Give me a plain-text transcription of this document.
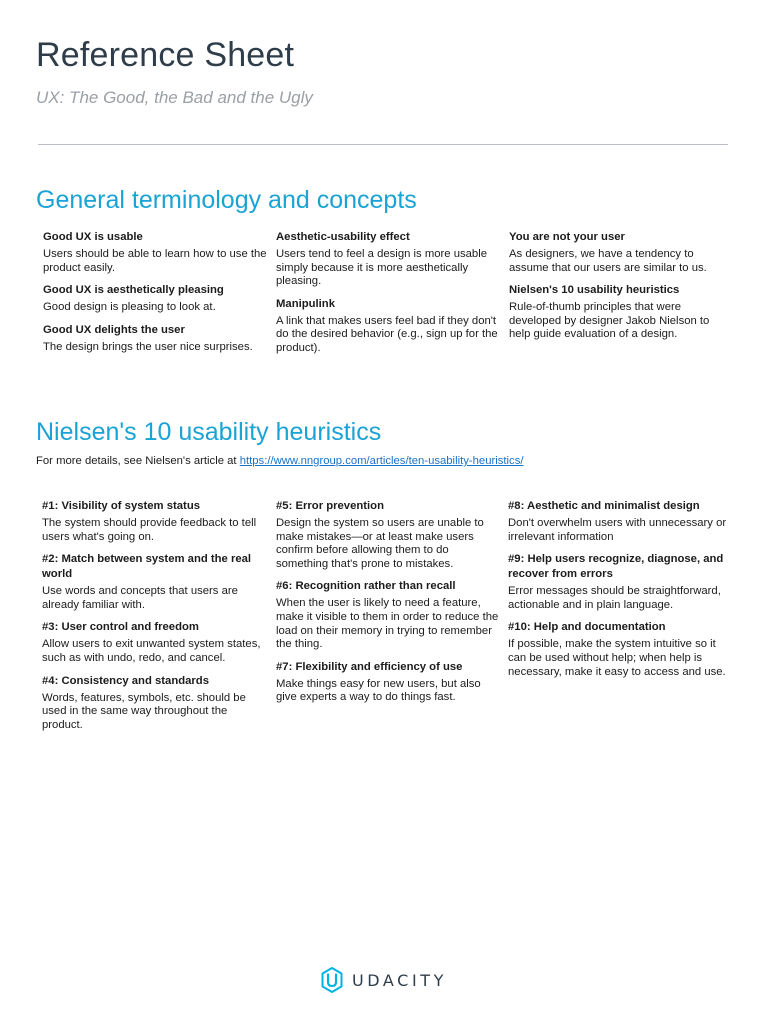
Reference Sheet

UX: The Good, the Bad and the Ugly

General terminology and concepts
Good UX is usable
Users should be able to learn how to use the product easily.
Good UX is aesthetically pleasing
Good design is pleasing to look at.
Good UX delights the user
The design brings the user nice surprises.
Aesthetic-usability effect
Users tend to feel a design is more usable simply because it is more aesthetically pleasing.
Manipulink
A link that makes users feel bad if they don't do the desired behavior (e.g., sign up for the product).
You are not your user
As designers, we have a tendency to assume that our users are similar to us.
Nielsen's 10 usability heuristics
Rule-of-thumb principles that were developed by designer Jakob Nielson to help guide evaluation of a design.
Nielsen's 10 usability heuristics

For more details, see Nielsen's article at https://www.nngroup.com/articles/ten-usability-heuristics/

#1: Visibility of system status
The system should provide feedback to tell users what's going on.
#2: Match between system and the real world
Use words and concepts that users are already familiar with.
#3: User control and freedom
Allow users to exit unwanted system states, such as with undo, redo, and cancel.
#4: Consistency and standards
Words, features, symbols, etc. should be used in the same way throughout the product.
#5: Error prevention
Design the system so users are unable to make mistakes—or at least make users confirm before allowing them to do something that's prone to mistakes.
#6: Recognition rather than recall
When the user is likely to need a feature, make it visible to them in order to reduce the load on their memory in trying to remember the thing.
#7: Flexibility and efficiency of use
Make things easy for new users, but also give experts a way to do things fast.
#8: Aesthetic and minimalist design
Don't overwhelm users with unnecessary or irrelevant information
#9: Help users recognize, diagnose, and recover from errors
Error messages should be straightforward, actionable and in plain language.
#10: Help and documentation
If possible, make the system intuitive so it can be used without help; when help is necessary, make it easy to access and use.
UDACITY
